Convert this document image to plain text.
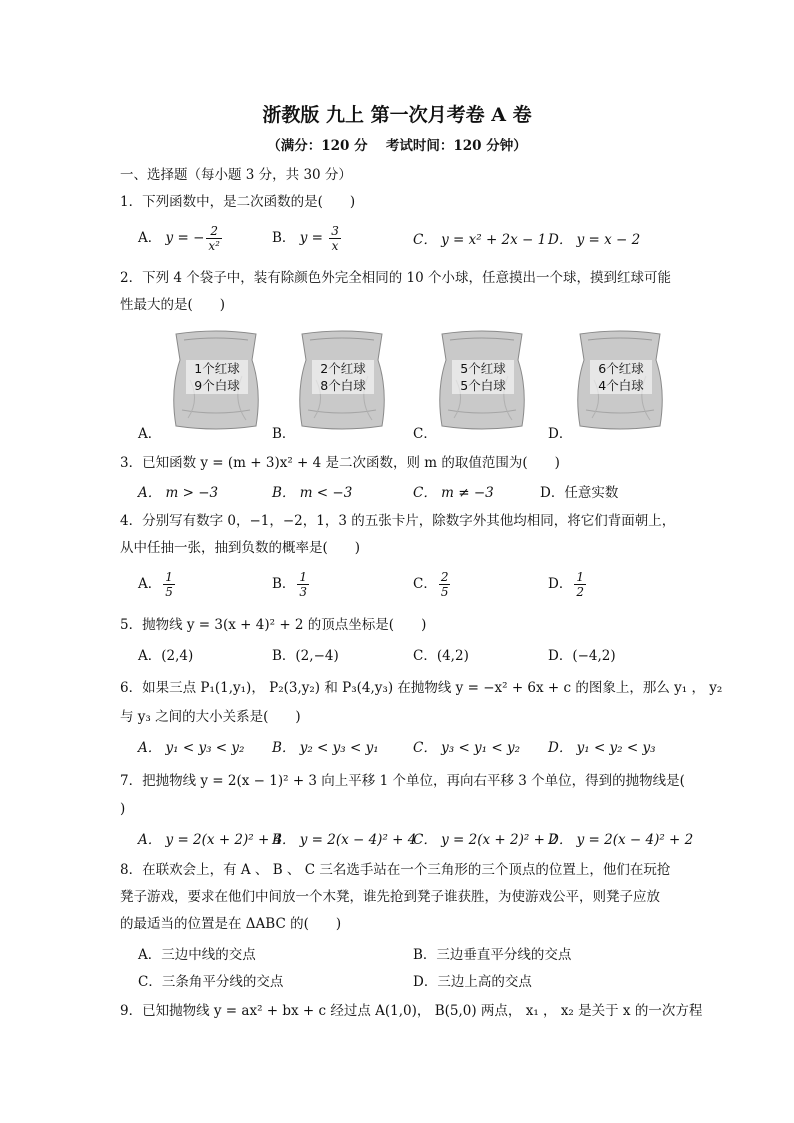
浙教版 九上 第一次月考卷 A 卷
（满分：120 分　 考试时间：120 分钟）
一、选择题（每小题 3 分，共 30 分）
1．下列函数中，是二次函数的是(　　)
A． y = − $\frac{2}{\text{x²}}$	B． $y = \frac{3}{x}$	C． y = x² + 2x − 1 D． y = x − 2
2．下列 4 个袋子中，装有除颜色外完全相同的 10 个小球，任意摸出一个球，摸到红球可能
性最大的是(　　)
A．
1个红球
9个白球
B．
2个红球
8个白球
C．
5个红球
5个白球
D．
6个红球
4个白球
3．已知函数 y = (m + 3)x² + 4 是二次函数，则 m 的取值范围为(　　)
A． m > −3	B． m < −3	C． m ≠ −3	D．任意实数
4．分别写有数字 0，−1，−2，1，3 的五张卡片，除数字外其他均相同，将它们背面朝上，
从中任抽一张，抽到负数的概率是(　　)
A． $\frac{1}{5}$	B． $\frac{1}{3}$	C． $\frac{2}{5}$	D． $\frac{1}{2}$
5．抛物线 y = 3(x + 4)² + 2 的顶点坐标是(　　)
A．(2,4)	B．(2,−4)	C．(4,2)	D．(−4,2)
6．如果三点 P₁(1,y₁)， P₂(3,y₂) 和 P₃(4,y₃) 在抛物线 y = −x² + 6x + c 的图象上，那么 y₁ ， y₂
与 y₃ 之间的大小关系是(　　)
A． y₁ < y₃ < y₂ B． y₂ < y₃ < y₁	C． y₃ < y₁ < y₂ D． y₁ < y₂ < y₃
7．把抛物线 y = 2(x − 1)² + 3 向上平移 1 个单位，再向右平移 3 个单位，得到的抛物线是(
)
A． y = 2(x + 2)² + 4
B． y = 2(x − 4)² + 4
C． y = 2(x + 2)² + 2
D． y = 2(x − 4)² + 2
8．在联欢会上，有 A 、 B 、 C 三名选手站在一个三角形的三个顶点的位置上，他们在玩抢
凳子游戏，要求在他们中间放一个木凳，谁先抢到凳子谁获胜，为使游戏公平，则凳子应放
的最适当的位置是在 ΔABC 的(　　)
A．三边中线的交点	B．三边垂直平分线的交点
C．三条角平分线的交点	D．三边上高的交点
9．已知抛物线 y = ax² + bx + c 经过点 A(1,0)， B(5,0) 两点， x₁ ， x₂ 是关于 x 的一次方程
